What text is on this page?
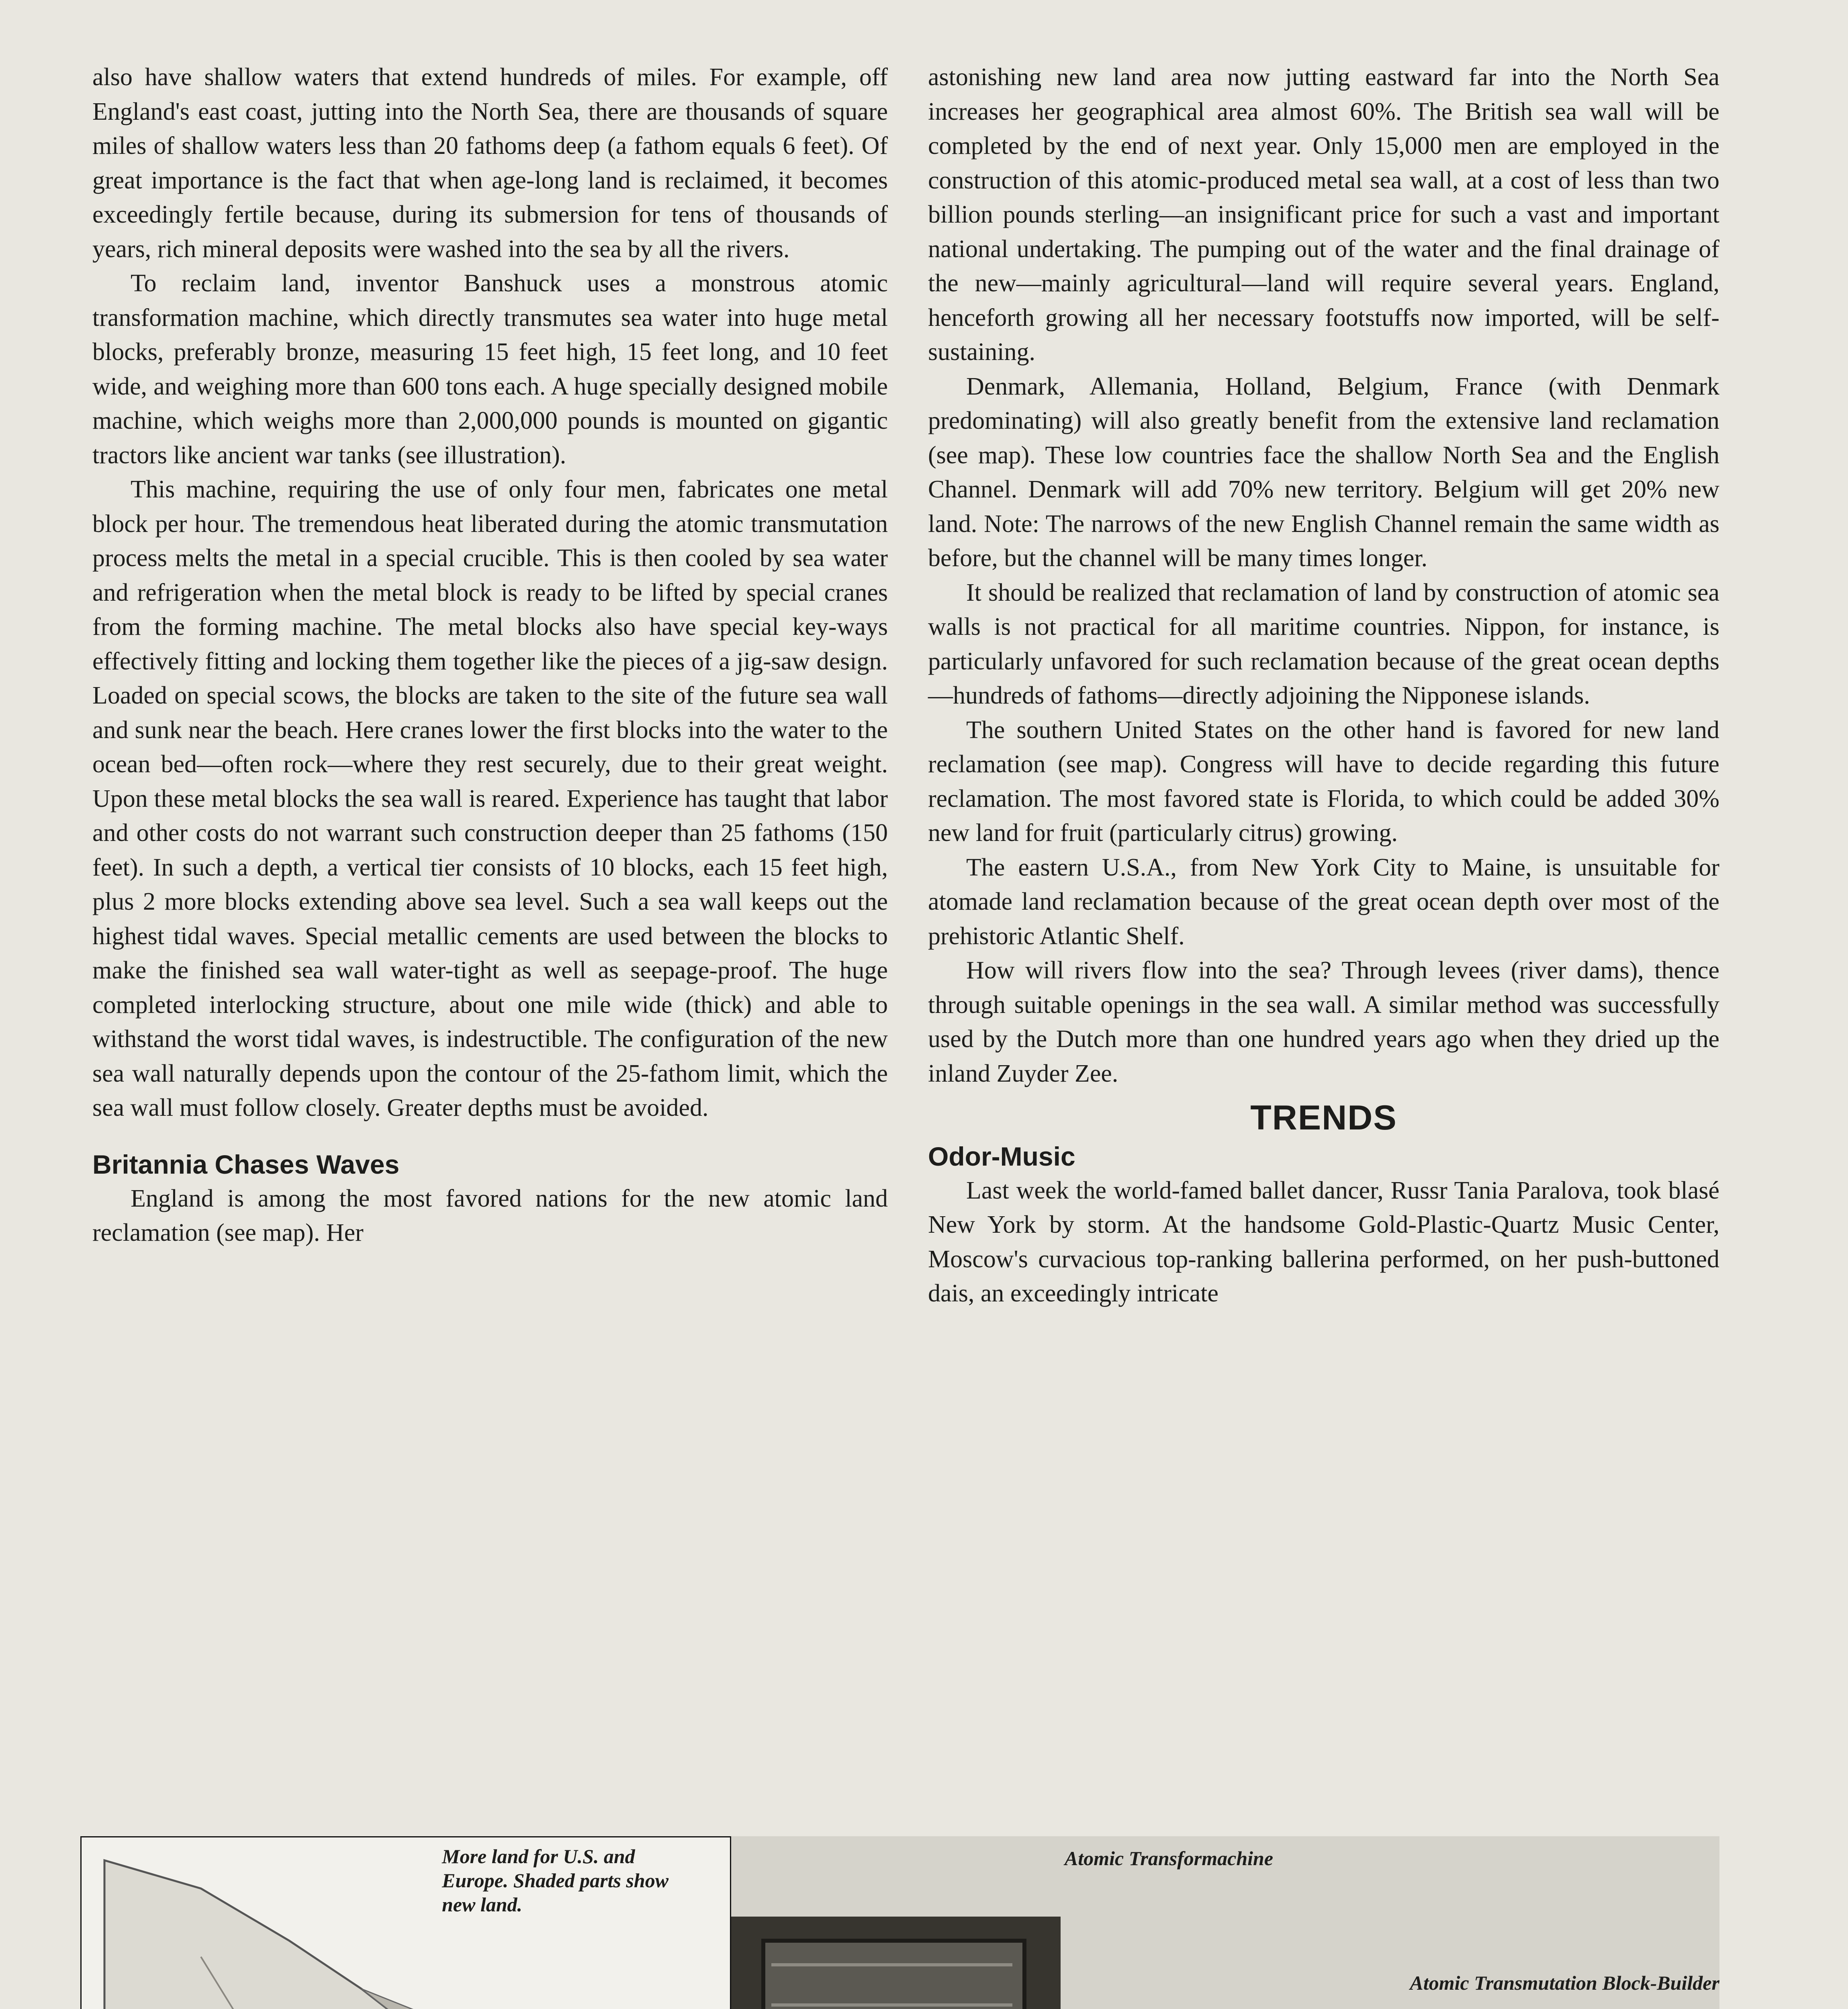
also have shallow waters that extend hundreds of miles. For example, off England's east coast, jutting into the North Sea, there are thousands of square miles of shallow waters less than 20 fathoms deep (a fathom equals 6 feet). Of great importance is the fact that when age-long land is reclaimed, it becomes exceedingly fertile because, during its submersion for tens of thousands of years, rich mineral deposits were washed into the sea by all the rivers.

To reclaim land, inventor Banshuck uses a monstrous atomic transformation machine, which directly transmutes sea water into huge metal blocks, preferably bronze, measuring 15 feet high, 15 feet long, and 10 feet wide, and weighing more than 600 tons each. A huge specially designed mobile machine, which weighs more than 2,000,000 pounds is mounted on gigantic tractors like ancient war tanks (see illustration).

This machine, requiring the use of only four men, fabricates one metal block per hour. The tremendous heat liberated during the atomic transmutation process melts the metal in a special crucible. This is then cooled by sea water and refrigeration when the metal block is ready to be lifted by special cranes from the forming machine. The metal blocks also have special key-ways effectively fitting and locking them together like the pieces of a jig-saw design. Loaded on special scows, the blocks are taken to the site of the future sea wall and sunk near the beach. Here cranes lower the first blocks into the water to the ocean bed—often rock—where they rest securely, due to their great weight. Upon these metal blocks the sea wall is reared. Experience has taught that labor and other costs do not warrant such construction deeper than 25 fathoms (150 feet). In such a depth, a vertical tier consists of 10 blocks, each 15 feet high, plus 2 more blocks extending above sea level. Such a sea wall keeps out the highest tidal waves. Special metallic cements are used between the blocks to make the finished sea wall water-tight as well as seepage-proof. The huge completed interlocking structure, about one mile wide (thick) and able to withstand the worst tidal waves, is indestructible. The configuration of the new sea wall naturally depends upon the contour of the 25-fathom limit, which the sea wall must follow closely. Greater depths must be avoided.

Britannia Chases Waves

England is among the most favored nations for the new atomic land reclamation (see map). Her

astonishing new land area now jutting eastward far into the North Sea increases her geographical area almost 60%. The British sea wall will be completed by the end of next year. Only 15,000 men are employed in the construction of this atomic-produced metal sea wall, at a cost of less than two billion pounds sterling—an insignificant price for such a vast and important national undertaking. The pumping out of the water and the final drainage of the new—mainly agricultural—land will require several years. England, henceforth growing all her necessary footstuffs now imported, will be self-sustaining.

Denmark, Allemania, Holland, Belgium, France (with Denmark predominating) will also greatly benefit from the extensive land reclamation (see map). These low countries face the shallow North Sea and the English Channel. Denmark will add 70% new territory. Belgium will get 20% new land. Note: The narrows of the new English Channel remain the same width as before, but the channel will be many times longer.

It should be realized that reclamation of land by construction of atomic sea walls is not practical for all maritime countries. Nippon, for instance, is particularly unfavored for such reclamation because of the great ocean depths—hundreds of fathoms—directly adjoining the Nipponese islands.

The southern United States on the other hand is favored for new land reclamation (see map). Congress will have to decide regarding this future reclamation. The most favored state is Florida, to which could be added 30% new land for fruit (particularly citrus) growing.

The eastern U.S.A., from New York City to Maine, is unsuitable for atomade land reclamation because of the great ocean depth over most of the prehistoric Atlantic Shelf.

How will rivers flow into the sea? Through levees (river dams), thence through suitable openings in the sea wall. A similar method was successfully used by the Dutch more than one hundred years ago when they dried up the inland Zuyder Zee.

TRENDS
Odor-Music

Last week the world-famed ballet dancer, Russr Tania Paralova, took blasé New York by storm. At the handsome Gold-Plastic-Quartz Music Center, Moscow's curvacious top-ranking ballerina performed, on her push-buttoned dais, an exceedingly intricate

More land for U.S. and Europe. Shaded parts show new land.
Atomic Transformachine
Atomic Transmutation Block-Builder
